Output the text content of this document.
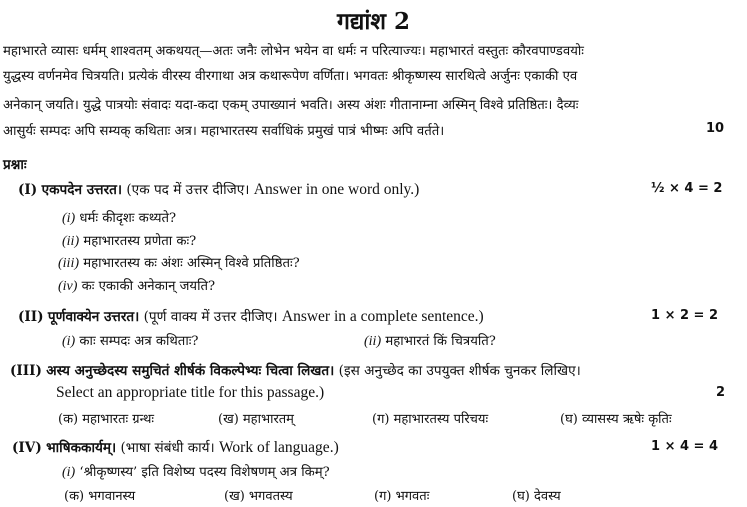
गद्यांश 2
महाभारते व्यासः धर्मम् शाश्वतम् अकथयत्—अतः जनैः लोभेन भयेन वा धर्मः न परित्याज्यः। महाभारतं वस्तुतः कौरवपाण्डवयोः
युद्धस्य वर्णनमेव चित्रयति। प्रत्येकं वीरस्य वीरगाथा अत्र कथारूपेण वर्णिता। भगवतः श्रीकृष्णस्य सारथित्वे अर्जुनः एकाकी एव
अनेकान् जयति। युद्धे पात्रयोः संवादः यदा-कदा एकम् उपाख्यानं भवति। अस्य अंशः गीतानाम्ना अस्मिन् विश्वे प्रतिष्ठितः। दैव्यः
आसुर्यः सम्पदः अपि सम्यक् कथिताः अत्र। महाभारतस्य सर्वाधिकं प्रमुखं पात्रं भीष्मः अपि वर्तते।	10
प्रश्नाः
(I) एकपदेन उत्तरत। (एक पद में उत्तर दीजिए। Answer in one word only.)	½ × 4 = 2
(i) धर्मः कीदृशः कथ्यते?
(ii) महाभारतस्य प्रणेता कः?
(iii) महाभारतस्य कः अंशः अस्मिन् विश्वे प्रतिष्ठितः?
(iv) कः एकाकी अनेकान् जयति?
(II) पूर्णवाक्येन उत्तरत। (पूर्ण वाक्य में उत्तर दीजिए। Answer in a complete sentence.)	1 × 2 = 2
(i) काः सम्पदः अत्र कथिताः?	(ii) महाभारतं किं चित्रयति?
(III) अस्य अनुच्छेदस्य समुचितं शीर्षकं विकल्पेभ्यः चित्वा लिखत। (इस अनुच्छेद का उपयुक्त शीर्षक चुनकर लिखिए।
Select an appropriate title for this passage.)	2
(क) महाभारतः ग्रन्थः	(ख) महाभारतम्	(ग) महाभारतस्य परिचयः	(घ) व्यासस्य ऋषेः कृतिः
(IV) भाषिककार्यम्। (भाषा संबंधी कार्य। Work of language.)	1 × 4 = 4
(i) ‘श्रीकृष्णस्य’ इति विशेष्य पदस्य विशेषणम् अत्र किम्?
(क) भगवानस्य	(ख) भगवतस्य	(ग) भगवतः	(घ) देवस्य
